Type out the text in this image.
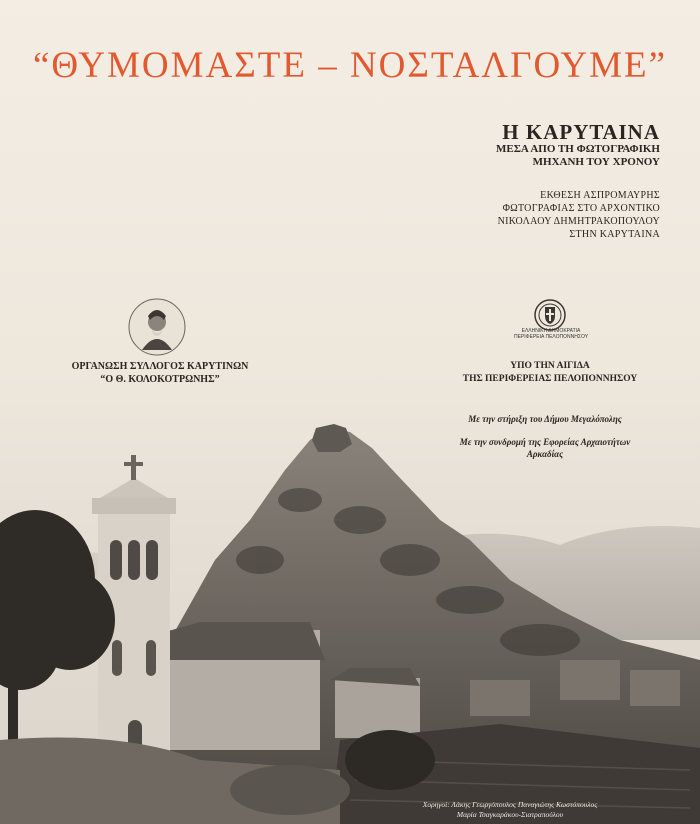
“ΘΥΜΟΜΑΣΤΕ – ΝΟΣΤΑΛΓΟΥΜΕ”
Η ΚΑΡΥΤΑΙΝΑ
ΜΕΣΑ ΑΠΟ ΤΗ ΦΩΤΟΓΡΑΦΙΚΗ
ΜΗΧΑΝΗ ΤΟΥ ΧΡΟΝΟΥ
ΕΚΘΕΣΗ ΑΣΠΡΟΜΑΥΡΗΣ
ΦΩΤΟΓΡΑΦΙΑΣ ΣΤΟ ΑΡΧΟΝΤΙΚΟ
ΝΙΚΟΛΑΟΥ ΔΗΜΗΤΡΑΚΟΠΟΥΛΟΥ
ΣΤΗΝ ΚΑΡΥΤΑΙΝΑ
ΟΡΓΑΝΩΣΗ ΣΥΛΛΟΓΟΣ ΚΑΡΥΤΙΝΩΝ
“Ο Θ. ΚΟΛΟΚΟΤΡΩΝΗΣ”
ΕΛΛΗΝΙΚΗ ΔΗΜΟΚΡΑΤΙΑ
ΠΕΡΙΦΕΡΕΙΑ ΠΕΛΟΠΟΝΝΗΣΟΥ
ΥΠΟ ΤΗΝ ΑΙΓΙΔΑ
ΤΗΣ ΠΕΡΙΦΕΡΕΙΑΣ ΠΕΛΟΠΟΝΝΗΣΟΥ
Με την στήριξη του Δήμου Μεγαλόπολης
Με την συνδρομή της Εφορείας Αρχαιοτήτων
Αρκαδίας
Χορηγοί: Λάκης Γεωργόπουλος Παναγιώτης Κωστόπουλος
Μαρία Τσαγκαράκου-Σιατραπούλου
